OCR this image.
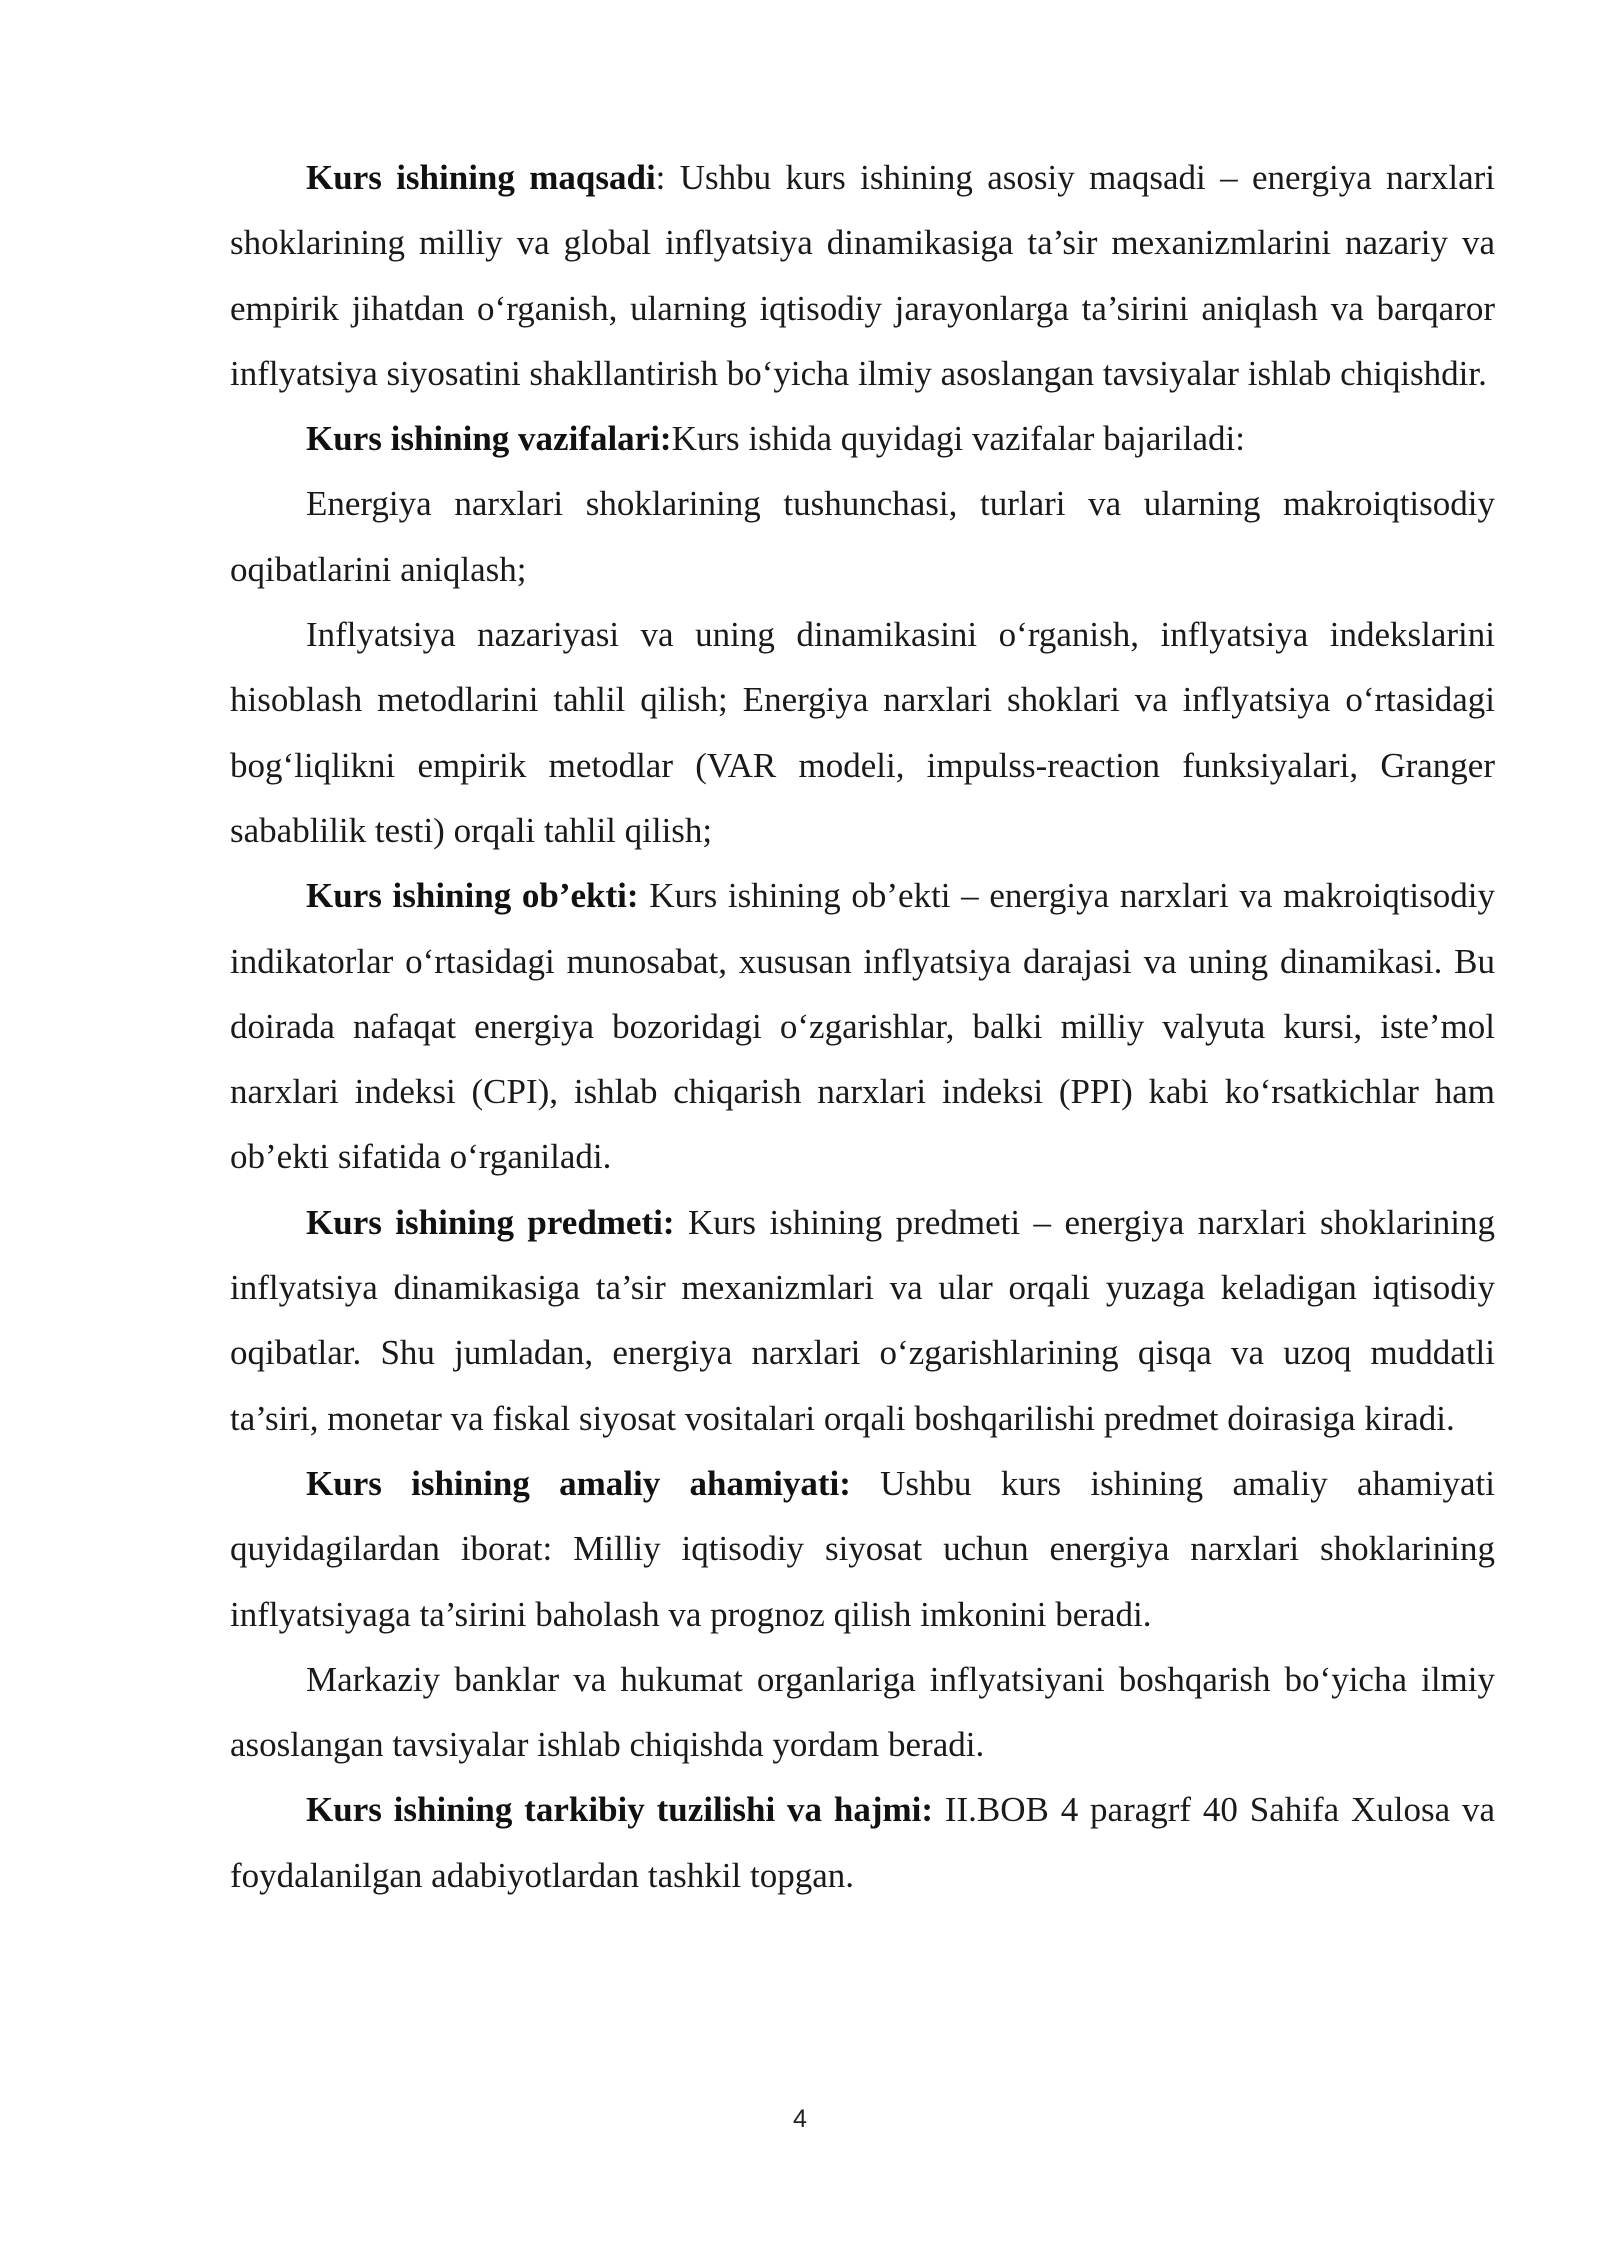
Kurs ishining maqsadi: Ushbu kurs ishining asosiy maqsadi – energiya narxlari shoklarining milliy va global inflyatsiya dinamikasiga ta’sir mexanizmlarini nazariy va empirik jihatdan o‘rganish, ularning iqtisodiy jarayonlarga ta’sirini aniqlash va barqaror inflyatsiya siyosatini shakllantirish bo‘yicha ilmiy asoslangan tavsiyalar ishlab chiqishdir.

Kurs ishining vazifalari:Kurs ishida quyidagi vazifalar bajariladi:

Energiya narxlari shoklarining tushunchasi, turlari va ularning makroiqtisodiy oqibatlarini aniqlash;

Inflyatsiya nazariyasi va uning dinamikasini o‘rganish, inflyatsiya indekslarini hisoblash metodlarini tahlil qilish; Energiya narxlari shoklari va inflyatsiya o‘rtasidagi bog‘liqlikni empirik metodlar (VAR modeli, impulss-reaction funksiyalari, Granger sabablilik testi) orqali tahlil qilish;

Kurs ishining ob’ekti: Kurs ishining ob’ekti – energiya narxlari va makroiqtisodiy indikatorlar o‘rtasidagi munosabat, xususan inflyatsiya darajasi va uning dinamikasi. Bu doirada nafaqat energiya bozoridagi o‘zgarishlar, balki milliy valyuta kursi, iste’mol narxlari indeksi (CPI), ishlab chiqarish narxlari indeksi (PPI) kabi ko‘rsatkichlar ham ob’ekti sifatida o‘rganiladi.

Kurs ishining predmeti: Kurs ishining predmeti – energiya narxlari shoklarining inflyatsiya dinamikasiga ta’sir mexanizmlari va ular orqali yuzaga keladigan iqtisodiy oqibatlar. Shu jumladan, energiya narxlari o‘zgarishlarining qisqa va uzoq muddatli ta’siri, monetar va fiskal siyosat vositalari orqali boshqarilishi predmet doirasiga kiradi.

Kurs ishining amaliy ahamiyati: Ushbu kurs ishining amaliy ahamiyati quyidagilardan iborat: Milliy iqtisodiy siyosat uchun energiya narxlari shoklarining inflyatsiyaga ta’sirini baholash va prognoz qilish imkonini beradi.

Markaziy banklar va hukumat organlariga inflyatsiyani boshqarish bo‘yicha ilmiy asoslangan tavsiyalar ishlab chiqishda yordam beradi.

Kurs ishining tarkibiy tuzilishi va hajmi: II.BOB 4 paragrf 40 Sahifa Xulosa va foydalanilgan adabiyotlardan tashkil topgan.

4
